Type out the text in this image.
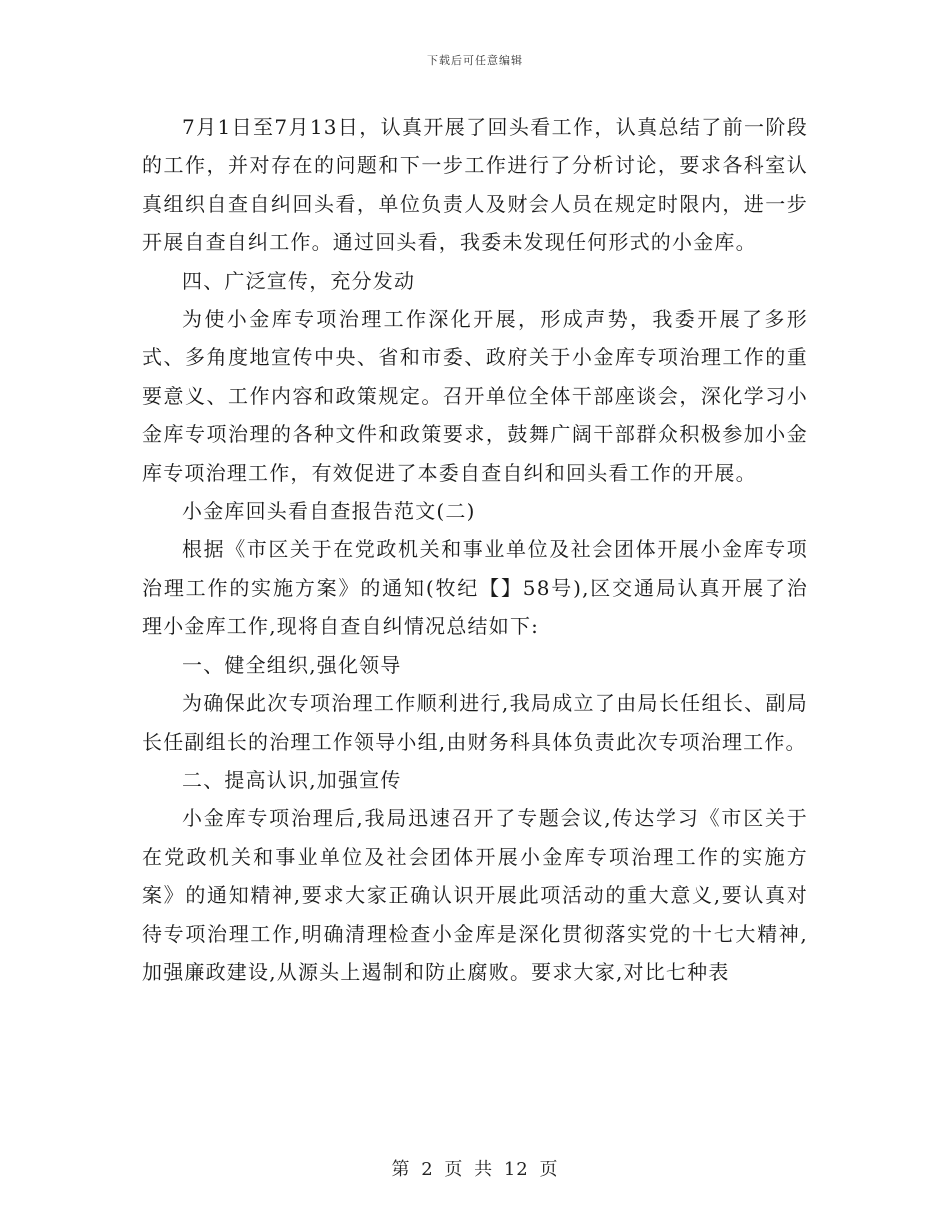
下载后可任意编辑

7月1日至7月13日，认真开展了回头看工作，认真总结了前一阶段的工作，并对存在的问题和下一步工作进行了分析讨论，要求各科室认真组织自查自纠回头看，单位负责人及财会人员在规定时限内，进一步开展自查自纠工作。通过回头看，我委未发现任何形式的小金库。

四、广泛宣传，充分发动

为使小金库专项治理工作深化开展，形成声势，我委开展了多形式、多角度地宣传中央、省和市委、政府关于小金库专项治理工作的重要意义、工作内容和政策规定。召开单位全体干部座谈会，深化学习小金库专项治理的各种文件和政策要求，鼓舞广阔干部群众积极参加小金库专项治理工作，有效促进了本委自查自纠和回头看工作的开展。

小金库回头看自查报告范文(二)

根据《市区关于在党政机关和事业单位及社会团体开展小金库专项治理工作的实施方案》的通知(牧纪【】58号),区交通局认真开展了治理小金库工作,现将自查自纠情况总结如下:

一、健全组织,强化领导

为确保此次专项治理工作顺利进行,我局成立了由局长任组长、副局长任副组长的治理工作领导小组,由财务科具体负责此次专项治理工作。

二、提高认识,加强宣传

小金库专项治理后,我局迅速召开了专题会议,传达学习《市区关于在党政机关和事业单位及社会团体开展小金库专项治理工作的实施方案》的通知精神,要求大家正确认识开展此项活动的重大意义,要认真对待专项治理工作,明确清理检查小金库是深化贯彻落实党的十七大精神,加强廉政建设,从源头上遏制和防止腐败。要求大家,对比七种表

第 2 页 共 12 页
